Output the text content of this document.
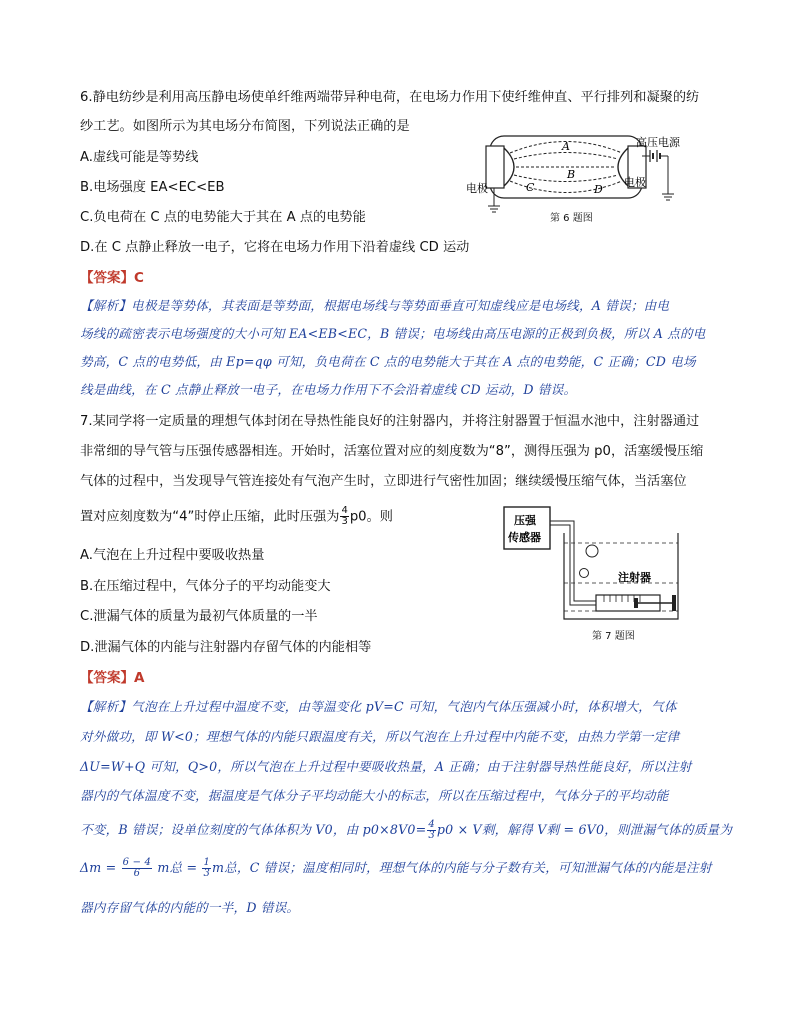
6.静电纺纱是利用高压静电场使单纤维两端带异种电荷，在电场力作用下使纤维伸直、平行排列和凝聚的纺
纱工艺。如图所示为其电场分布简图，下列说法正确的是
A.虚线可能是等势线
B.电场强度 EA<EC<EB
C.负电荷在 C 点的电势能大于其在 A 点的电势能
D.在 C 点静止释放一电子，它将在电场力作用下沿着虚线 CD 运动
【答案】C
【解析】电极是等势体，其表面是等势面，根据电场线与等势面垂直可知虚线应是电场线，A 错误；由电
场线的疏密表示电场强度的大小可知 EA<EB<EC，B 错误；电场线由高压电源的正极到负极，所以 A 点的电
势高，C 点的电势低，由 Ep=qφ 可知，负电荷在 C 点的电势能大于其在 A 点的电势能，C 正确；CD 电场
线是曲线，在 C 点静止释放一电子，在电场力作用下不会沿着虚线 CD 运动，D 错误。
A
B
C	D
高压电源
电极	电极
第 6 题图
7.某同学将一定质量的理想气体封闭在导热性能良好的注射器内，并将注射器置于恒温水池中，注射器通过
非常细的导气管与压强传感器相连。开始时，活塞位置对应的刻度数为“8”，测得压强为 p0，活塞缓慢压缩
气体的过程中，当发现导气管连接处有气泡产生时，立即进行气密性加固；继续缓慢压缩气体，当活塞位
置对应刻度数为“4”时停止压缩，此时压强为 $\frac{4}{3} p0$。则
A.气泡在上升过程中要吸收热量
B.在压缩过程中，气体分子的平均动能变大
C.泄漏气体的质量为最初气体质量的一半
D.泄漏气体的内能与注射器内存留气体的内能相等
【答案】A
【解析】气泡在上升过程中温度不变，由等温变化 pV=C 可知，气泡内气体压强减小时，体积增大，气体
对外做功，即 W<0；理想气体的内能只跟温度有关，所以气泡在上升过程中内能不变，由热力学第一定律
ΔU=W+Q 可知，Q>0，所以气泡在上升过程中要吸收热量，A 正确；由于注射器导热性能良好，所以注射
器内的气体温度不变，据温度是气体分子平均动能大小的标志，所以在压缩过程中，气体分子的平均动能
不变，B 错误；设单位刻度的气体体积为 V0，由 $p0\times 8V0= \frac{4}{3} p0 \times V$剩，解得 V剩 = 6V0，则泄漏气体的质量为
$\Delta m = \frac{6 - 4}{6}$ m总 = $\frac{1}{3}$ m总，C 错误；温度相同时，理想气体的内能与分子数有关，可知泄漏气体的内能是注射
器内存留气体的内能的一半，D 错误。
压强
传感器
注射器
第 7 题图
